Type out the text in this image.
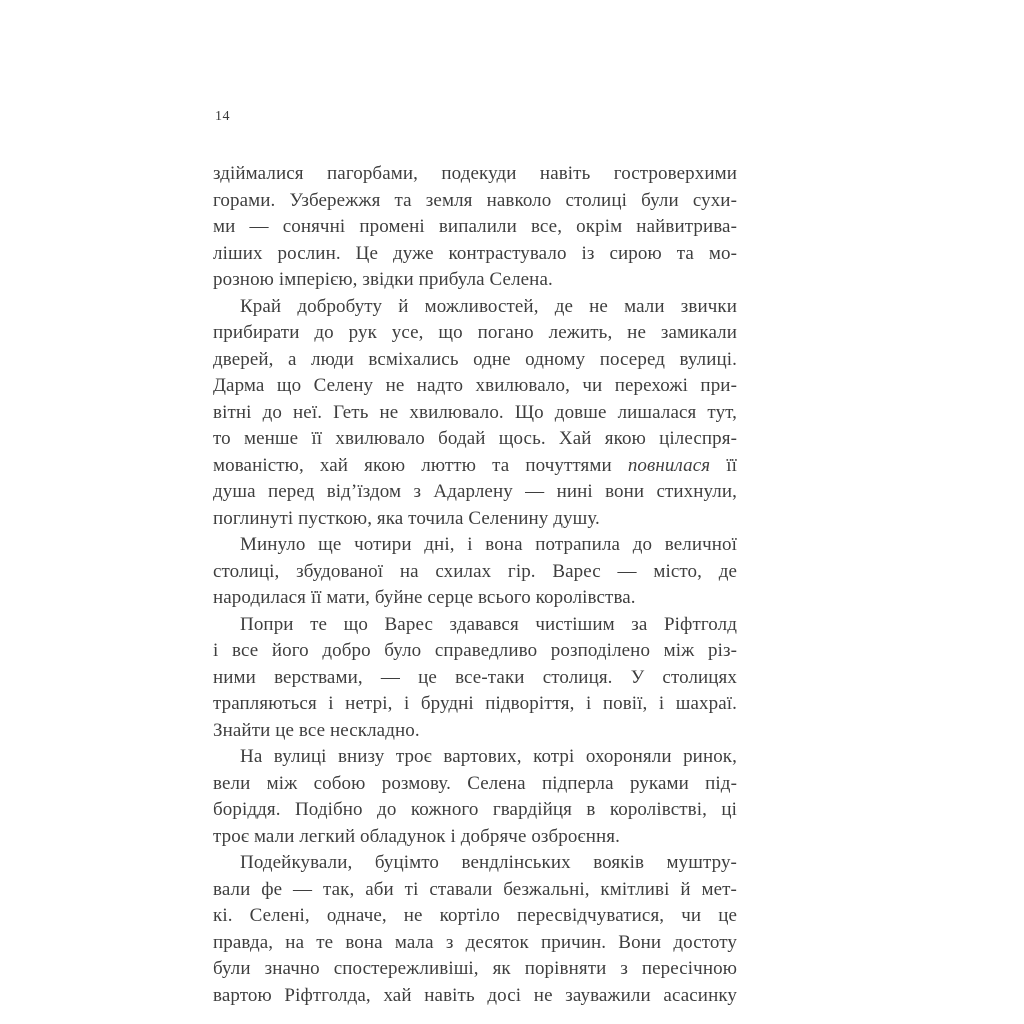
14
здіймалися пагорбами, подекуди навіть гостроверхими
горами. Узбережжя та земля навколо столиці були сухи-
ми — сонячні промені випалили все, окрім найвитрива-
ліших рослин. Це дуже контрастувало із сирою та мо-
розною імперією, звідки прибула Селена.
Край добробуту й можливостей, де не мали звички
прибирати до рук усе, що погано лежить, не замикали
дверей, а люди всміхались одне одному посеред вулиці.
Дарма що Селену не надто хвилювало, чи перехожі при-
вітні до неї. Геть не хвилювало. Що довше лишалася тут,
то менше її хвилювало бодай щось. Хай якою цілеспря-
мованістю, хай якою люттю та почуттями повнилася її
душа перед від’їздом з Адарлену — нині вони стихнули,
поглинуті пусткою, яка точила Селенину душу.
Минуло ще чотири дні, і вона потрапила до величної
столиці, збудованої на схилах гір. Варес — місто, де
народилася її мати, буйне серце всього королівства.
Попри те що Варес здавався чистішим за Ріфтголд
і все його добро було справедливо розподілено між різ-
ними верствами, — це все-таки столиця. У столицях
трапляються і нетрі, і брудні підворіття, і повії, і шахраї.
Знайти це все нескладно.
На вулиці внизу троє вартових, котрі охороняли ринок,
вели між собою розмову. Селена підперла руками під-
боріддя. Подібно до кожного гвардійця в королівстві, ці
троє мали легкий обладунок і добряче озброєння.
Подейкували, буцімто вендлінських вояків муштру-
вали фе — так, аби ті ставали безжальні, кмітливі й мет-
кі. Селені, одначе, не кортіло пересвідчуватися, чи це
правда, на те вона мала з десяток причин. Вони достоту
були значно спостережливіші, як порівняти з пересічною
вартою Ріфтголда, хай навіть досі не зауважили асасинку
